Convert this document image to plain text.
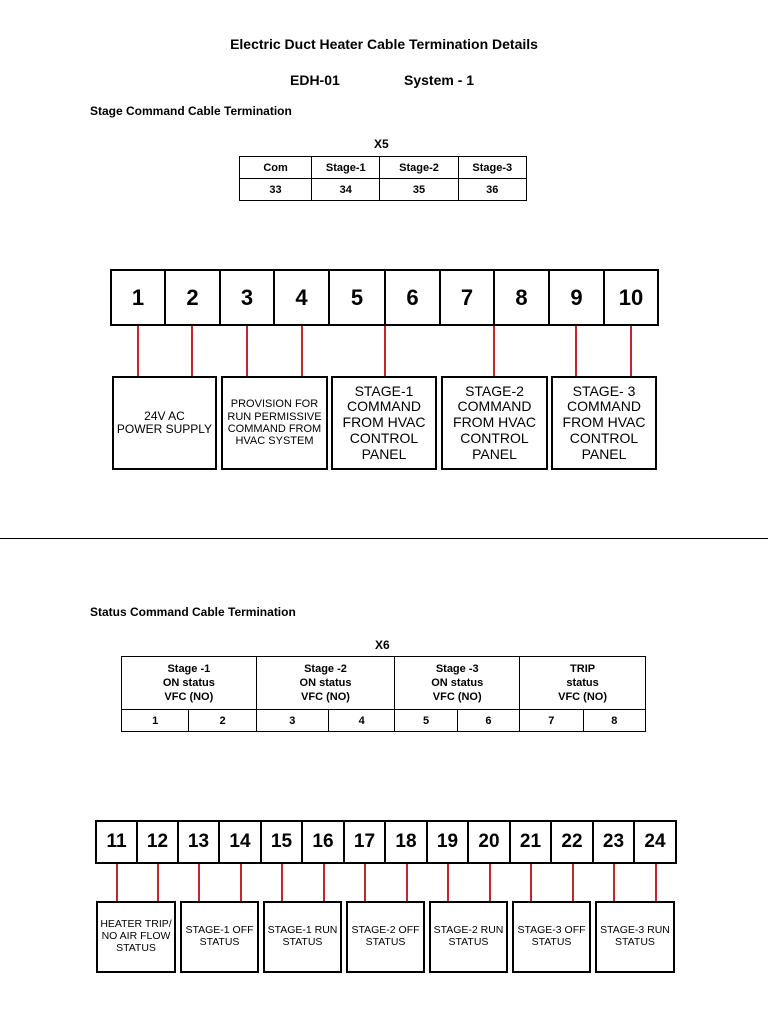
Electric Duct Heater Cable Termination Details
EDH-01	System - 1
Stage Command Cable Termination
X5
Com	Stage-1	Stage-2	Stage-3
33	34	35	36
1	2	3	4	5	6	7	8	9	10
24V AC
POWER SUPPLY
PROVISION FOR
RUN PERMISSIVE
COMMAND FROM
HVAC SYSTEM
STAGE-1
COMMAND
FROM HVAC
CONTROL
PANEL
STAGE-2
COMMAND
FROM HVAC
CONTROL
PANEL
STAGE- 3
COMMAND
FROM HVAC
CONTROL
PANEL
Status Command Cable Termination
X6
Stage -1
ON status
VFC (NO)		Stage -2
ON status
VFC (NO)		Stage -3
ON status
VFC (NO)		TRIP
status
VFC (NO)	
1	2	3	4	5	6	7	8
11	12	13	14	15	16	17	18	19	20	21	22	23	24
HEATER TRIP/
NO AIR FLOW
STATUS
STAGE-1 OFF
STATUS
STAGE-1 RUN
STATUS
STAGE-2 OFF
STATUS
STAGE-2 RUN
STATUS
STAGE-3 OFF
STATUS
STAGE-3 RUN
STATUS
